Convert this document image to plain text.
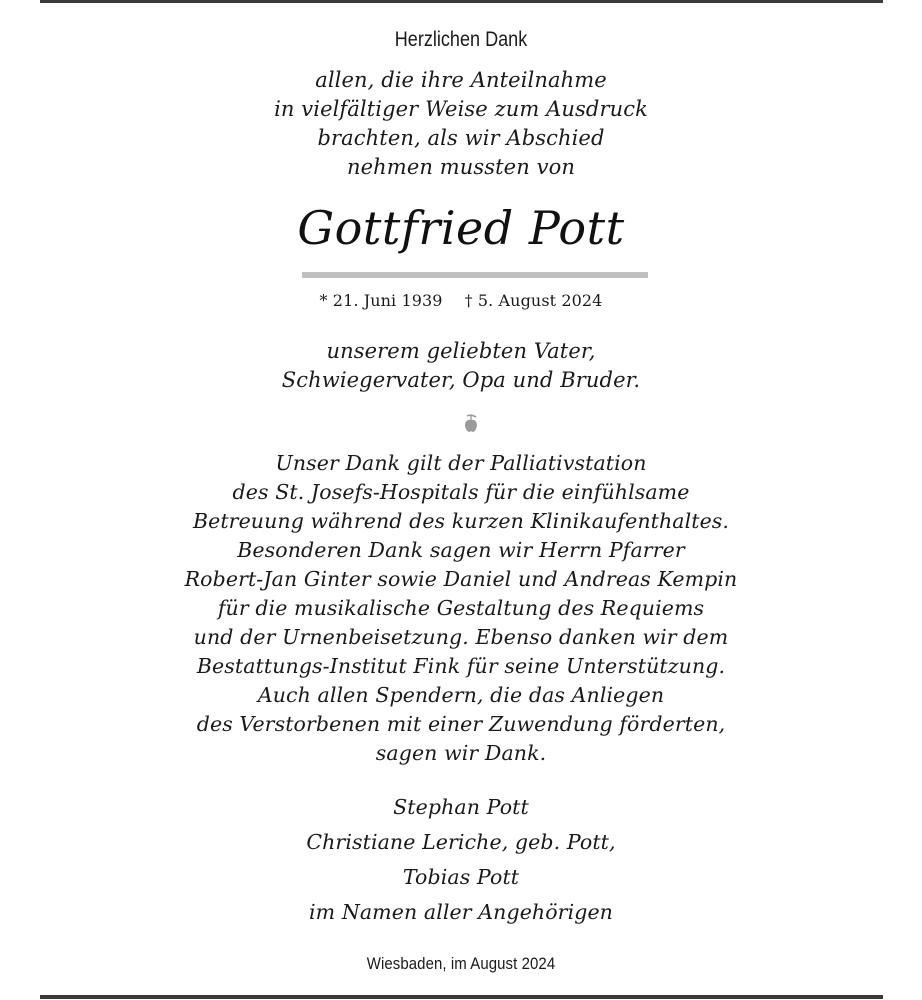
Herzlichen Dank
allen, die ihre Anteilnahme
in vielfältiger Weise zum Ausdruck
brachten, als wir Abschied
nehmen mussten von
Gottfried Pott
* 21. Juni 1939 † 5. August 2024
unserem geliebten Vater,
Schwiegervater, Opa und Bruder.
Unser Dank gilt der Palliativstation
des St. Josefs-Hospitals für die einfühlsame
Betreuung während des kurzen Klinikaufenthaltes.
Besonderen Dank sagen wir Herrn Pfarrer
Robert-Jan Ginter sowie Daniel und Andreas Kempin
für die musikalische Gestaltung des Requiems
und der Urnenbeisetzung. Ebenso danken wir dem
Bestattungs-Institut Fink für seine Unterstützung.
Auch allen Spendern, die das Anliegen
des Verstorbenen mit einer Zuwendung förderten,
sagen wir Dank.
Stephan Pott
Christiane Leriche, geb. Pott,
Tobias Pott
im Namen aller Angehörigen
Wiesbaden, im August 2024
